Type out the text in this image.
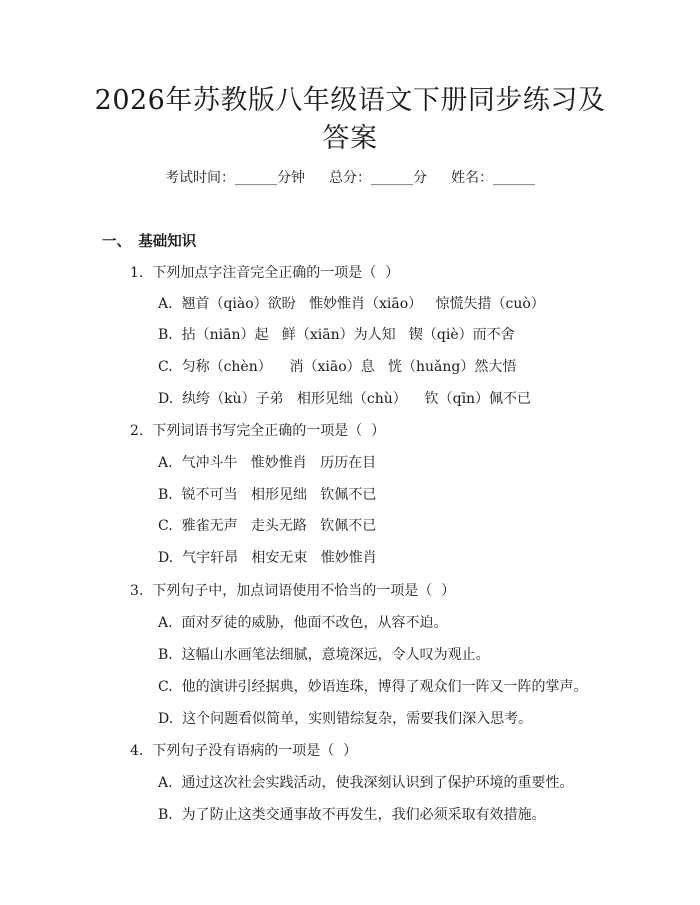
2026年苏教版八年级语文下册同步练习及答案
考试时间：______分钟 总分：______分 姓名：______
一、　基础知识
1.  下列加点字注音完全正确的一项是（  ）
A.  翘首（qiào）欲盼   惟妙惟肖（xiāo）   惊慌失措（cuò）
B.  拈（niān）起   鲜（xiān）为人知   锲（qiè）而不舍
C.  匀称（chèn）    消（xiāo）息   恍（huǎng）然大悟
D.  纨绔（kù）子弟   相形见绌（chù）    钦（qīn）佩不已
2.  下列词语书写完全正确的一项是（  ）
A.  气冲斗牛   惟妙惟肖   历历在目
B.  锐不可当   相形见绌   钦佩不已
C.  雅雀无声   走头无路   钦佩不已
D.  气宇轩昂   相安无束   惟妙惟肖
3.  下列句子中，加点词语使用不恰当的一项是（  ）
A.  面对歹徒的威胁，他面不改色，从容不迫。
B.  这幅山水画笔法细腻，意境深远，令人叹为观止。
C.  他的演讲引经据典，妙语连珠，博得了观众们一阵又一阵的掌声。
D.  这个问题看似简单，实则错综复杂，需要我们深入思考。
4.  下列句子没有语病的一项是（  ）
A.  通过这次社会实践活动，使我深刻认识到了保护环境的重要性。
B.  为了防止这类交通事故不再发生，我们必须采取有效措施。
